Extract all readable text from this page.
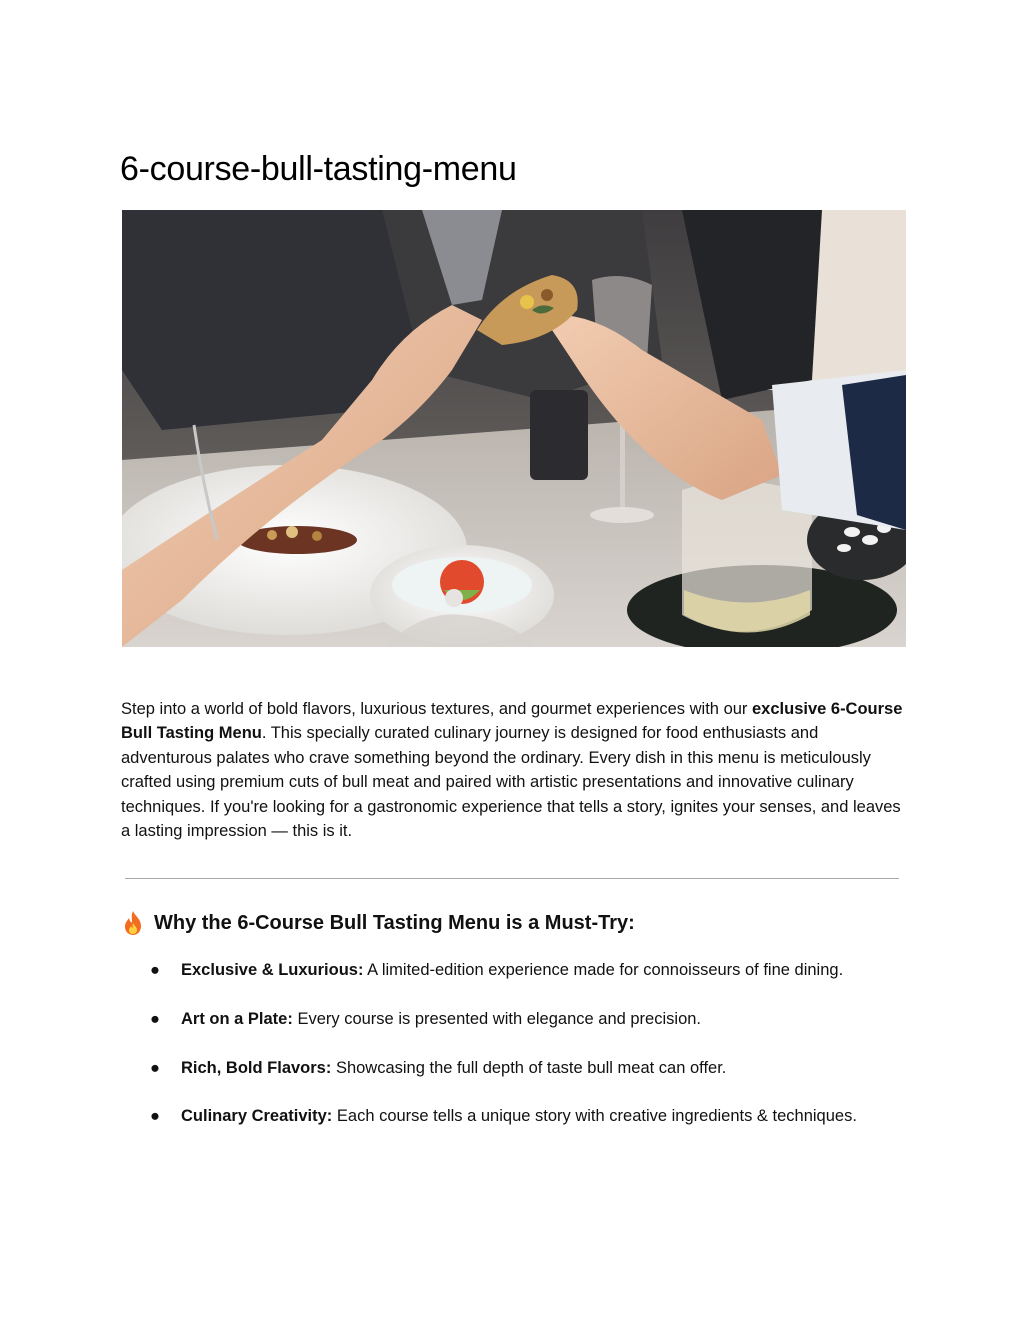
6-course-bull-tasting-menu

Step into a world of bold flavors, luxurious textures, and gourmet experiences with our exclusive 6-Course Bull Tasting Menu. This specially curated culinary journey is designed for food enthusiasts and adventurous palates who crave something beyond the ordinary. Every dish in this menu is meticulously crafted using premium cuts of bull meat and paired with artistic presentations and innovative culinary techniques. If you're looking for a gastronomic experience that tells a story, ignites your senses, and leaves a lasting impression — this is it.

Why the 6-Course Bull Tasting Menu is a Must-Try:
● Exclusive & Luxurious: A limited-edition experience made for connoisseurs of fine dining.
● Art on a Plate: Every course is presented with elegance and precision.
● Rich, Bold Flavors: Showcasing the full depth of taste bull meat can offer.
● Culinary Creativity: Each course tells a unique story with creative ingredients & techniques.
